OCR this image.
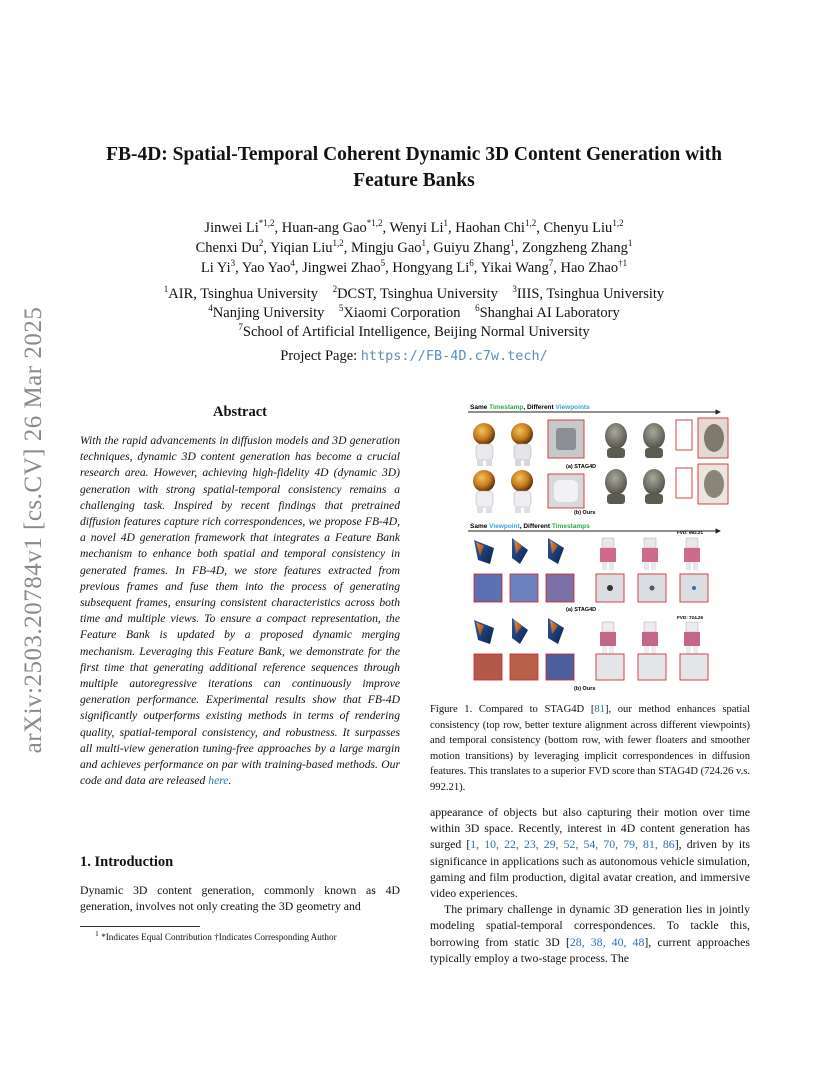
arXiv:2503.20784v1 [cs.CV] 26 Mar 2025
FB-4D: Spatial-Temporal Coherent Dynamic 3D Content Generation with
Feature Banks
Jinwei Li$^{*1,2}$, Huan-ang Gao$^{*1,2}$, Wenyi Li$^1$, Haohan Chi$^{1,2}$, Chenyu Liu$^{1,2}$
Chenxi Du$^2$, Yiqian Liu$^{1,2}$, Mingju Gao$^1$, Guiyu Zhang$^1$, Zongzheng Zhang$^1$
Li Yi$^3$, Yao Yao$^4$, Jingwei Zhao$^5$, Hongyang Li$^6$, Yikai Wang$^7$, Hao Zhao$^{\dagger 1}$
$^1$AIR, Tsinghua University  $^2$DCST, Tsinghua University  $^3$IIIS, Tsinghua University
$^4$Nanjing University  $^5$Xiaomi Corporation  $^6$Shanghai AI Laboratory
$^7$School of Artificial Intelligence, Beijing Normal University
Project Page: https://FB-4D.c7w.tech/
Abstract
With the rapid advancements in diffusion models and 3D generation techniques, dynamic 3D content generation has become a crucial research area. However, achieving high-fidelity 4D (dynamic 3D) generation with strong spatial-temporal consistency remains a challenging task. Inspired by recent findings that pretrained diffusion features capture rich correspondences, we propose FB-4D, a novel 4D generation framework that integrates a Feature Bank mechanism to enhance both spatial and temporal consistency in generated frames. In FB-4D, we store features extracted from previous frames and fuse them into the process of generating subsequent frames, ensuring consistent characteristics across both time and multiple views. To ensure a compact representation, the Feature Bank is updated by a proposed dynamic merging mechanism. Leveraging this Feature Bank, we demonstrate for the first time that generating additional reference sequences through multiple autoregressive iterations can continuously improve generation performance. Experimental results show that FB-4D significantly outperforms existing methods in terms of rendering quality, spatial-temporal consistency, and robustness. It surpasses all multi-view generation tuning-free approaches by a large margin and achieves performance on par with training-based methods. Our code and data are released here.
1. Introduction
Dynamic 3D content generation, commonly known as 4D generation, involves not only creating the 3D geometry and
$^1$ *Indicates Equal Contribution †Indicates Corresponding Author
Same Timestamp, Different Viewpoints
(a) STAG4D
(b) Ours
Same Viewpoint, Different Timestamps
FVD: 992.21
(a) STAG4D
FVD: 724.26
(b) Ours
Figure 1. Compared to STAG4D [81], our method enhances spatial consistency (top row, better texture alignment across different viewpoints) and temporal consistency (bottom row, with fewer floaters and smoother motion transitions) by leveraging implicit correspondences in diffusion features. This translates to a superior FVD score than STAG4D (724.26 v.s. 992.21).

appearance of objects but also capturing their motion over time within 3D space. Recently, interest in 4D content generation has surged [1, 10, 22, 23, 29, 52, 54, 70, 79, 81, 86], driven by its significance in applications such as autonomous vehicle simulation, gaming and film production, digital avatar creation, and immersive video experiences.

The primary challenge in dynamic 3D generation lies in jointly modeling spatial-temporal correspondences. To tackle this, borrowing from static 3D [28, 38, 40, 48], current approaches typically employ a two-stage process. The
